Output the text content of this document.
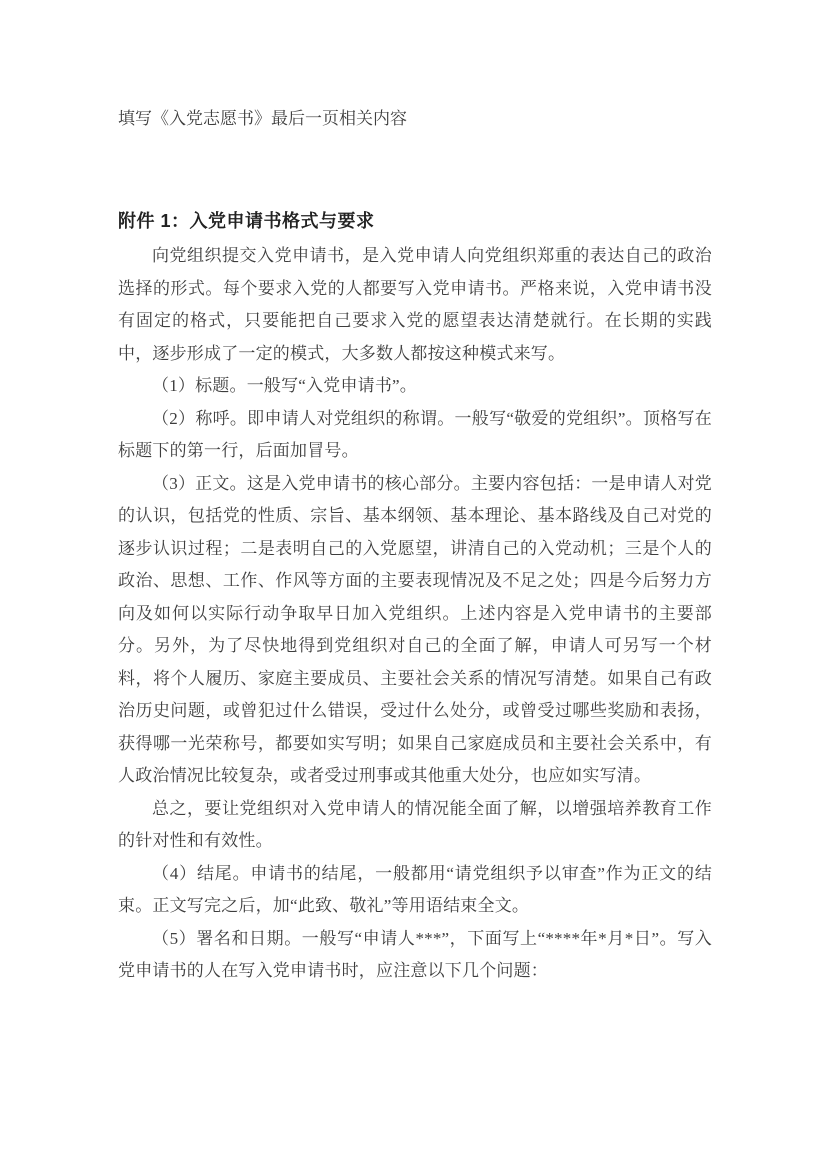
填写《入党志愿书》最后一页相关内容

附件 1：入党申请书格式与要求

向党组织提交入党申请书，是入党申请人向党组织郑重的表达自己的政治选择的形式。每个要求入党的人都要写入党申请书。严格来说，入党申请书没有固定的格式，只要能把自己要求入党的愿望表达清楚就行。在长期的实践中，逐步形成了一定的模式，大多数人都按这种模式来写。

（1）标题。一般写“入党申请书”。

（2）称呼。即申请人对党组织的称谓。一般写“敬爱的党组织”。顶格写在标题下的第一行，后面加冒号。

（3）正文。这是入党申请书的核心部分。主要内容包括：一是申请人对党的认识，包括党的性质、宗旨、基本纲领、基本理论、基本路线及自己对党的逐步认识过程；二是表明自己的入党愿望，讲清自己的入党动机；三是个人的政治、思想、工作、作风等方面的主要表现情况及不足之处；四是今后努力方向及如何以实际行动争取早日加入党组织。上述内容是入党申请书的主要部分。另外，为了尽快地得到党组织对自己的全面了解，申请人可另写一个材料，将个人履历、家庭主要成员、主要社会关系的情况写清楚。如果自己有政治历史问题，或曾犯过什么错误，受过什么处分，或曾受过哪些奖励和表扬，获得哪一光荣称号，都要如实写明；如果自己家庭成员和主要社会关系中，有人政治情况比较复杂，或者受过刑事或其他重大处分，也应如实写清。

总之，要让党组织对入党申请人的情况能全面了解，以增强培养教育工作的针对性和有效性。

（4）结尾。申请书的结尾，一般都用“请党组织予以审查”作为正文的结束。正文写完之后，加“此致、敬礼”等用语结束全文。

（5）署名和日期。一般写“申请人***”，下面写上“****年*月*日”。写入党申请书的人在写入党申请书时，应注意以下几个问题：
